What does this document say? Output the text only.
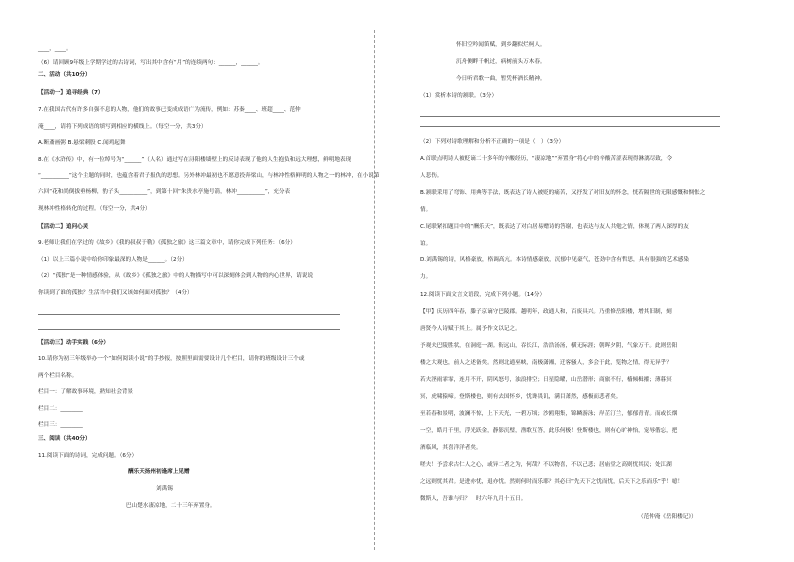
____，____。
（6）请回顾9年级上学期学过的古诗词，写出其中含有“月”的连续两句：______，______。
二、活动（共10分）
【活动一】追寻经典（7）
7.在我国古代有许多自强不息的人物，他们的故事已变成成语广为流传，例如：苏秦____、班超____、范仲
淹____，请将下列成语的填写到相应的横线上。（每空一分，共3分）
A.断齑画粥 B.悬梁刺股 C.闻鸡起舞
8.在《水浒传》中，有一位绰号为“______”（人名）通过写在浔阳楼墙壁上的反诗表现了他的人生抱负和远大理想，鲜明地表现
“__________”这个主题的同时，也蕴含着君子报仇的思想。另外林冲最初也不愿意投奔梁山，与林冲性格鲜明的人物之一的林冲，在小说第
六回“花和尚倒拔垂杨柳，豹子头__________”，到第十回“朱贵水亭施号箭，林冲__________”，充分表
现林冲性格转化的过程。（每空一分，共4分）
【活动二】追问心灵
9.老师让我们在学过的《故乡》《我的叔叔于勒》《孤独之旅》这三篇文章中，请你完成下列任务：（6分）
（1）以上三篇小说中给你印象最深的人物是______。（2分）
（2）“孤独”是一种情感体验，从《故乡》《孤独之旅》中的人物描写中可以深刻体会到人物的内心世界，请说说
你读到了谁的孤独？生活当中我们又该如何面对孤独？（4分）
【活动三】动手实践（6分）
10.请你为初三年级举办一个“如何阅读小说”的手抄报，按照里面需要设计几个栏目，请你的班级设计三个或
两个栏目名称。
栏目一：了解故事环境，熟知社会背景
栏目二：________
栏目三：________
三、阅读（共40分）
11.阅读下面的诗词，完成问题。（6分）
酬乐天扬州初逢席上见赠
刘禹锡
巴山楚水凄凉地，二十三年弃置身。
怀旧空吟闻笛赋，到乡翻似烂柯人。
沉舟侧畔千帆过，病树前头万木春。
今日听君歌一曲，暂凭杯酒长精神。
（1）赏析本诗的颔联。（3分）
（2）下列对诗歌理解和分析不正确的一项是（　）（3分）
A.首联点明诗人被贬谪二十多年的辛酸经历，“凄凉地”“弃置身”将心中的辛酸苦涩表现得淋漓尽致，令
人悲伤。
B.颔联采用了弯饰、用典等手法，既表达了诗人被贬的痛苦，又抒发了对旧友的怀念，恍若隔世的无限感慨和惆怅之
情。
C.尾联紧扣题目中的“酬乐天”，既表达了对白居易赠诗的答谢，也表达与友人共勉之情，体现了两人深厚的友
谊。
D.刘禹锡的诗，风格豪放，格调高亢。本诗情感豪放，沉郁中见豪气，苍劲中含有哲思，具有很强的艺术感染
力。
12.阅读下面文言文语段，完成下列小题。（14分）
【甲】庆历四年春，滕子京谪守巴陵郡。越明年，政通人和，百废具兴。乃重修岳阳楼，增其旧制，刻
唐贤今人诗赋于其上。属予作文以记之。
予观夫巴陵胜状，在洞庭一湖。衔远山，吞长江，浩浩汤汤，横无际涯；朝晖夕阴，气象万千。此则岳阳
楼之大观也，前人之述备矣。然则北通巫峡，南极潇湘，迁客骚人，多会于此，览物之情，得无异乎？
若夫淫雨霏霏，连月不开，阴风怒号，浊浪排空；日星隐曜，山岳潜形；商旅不行，樯倾楫摧；薄暮冥
冥，虎啸猿啼。登斯楼也，则有去国怀乡，忧谗畏讥，满目萧然，感极而悲者矣。
至若春和景明，波澜不惊，上下天光，一碧万顷；沙鸥翔集，锦鳞游泳；岸芷汀兰，郁郁青青。而或长烟
一空，皓月千里，浮光跃金，静影沉璧，渔歌互答，此乐何极！登斯楼也，则有心旷神怡，宠辱偕忘，把
酒临风，其喜洋洋者矣。
嗟夫！予尝求古仁人之心，或异二者之为，何哉？不以物喜，不以己悲；居庙堂之高则忧其民；处江湖
之远则忧其君。是进亦忧，退亦忧。然则何时而乐耶？其必曰“先天下之忧而忧，后天下之乐而乐”乎！噫！
微斯人，吾谁与归？　时六年九月十五日。
（范仲淹《岳阳楼记》）
